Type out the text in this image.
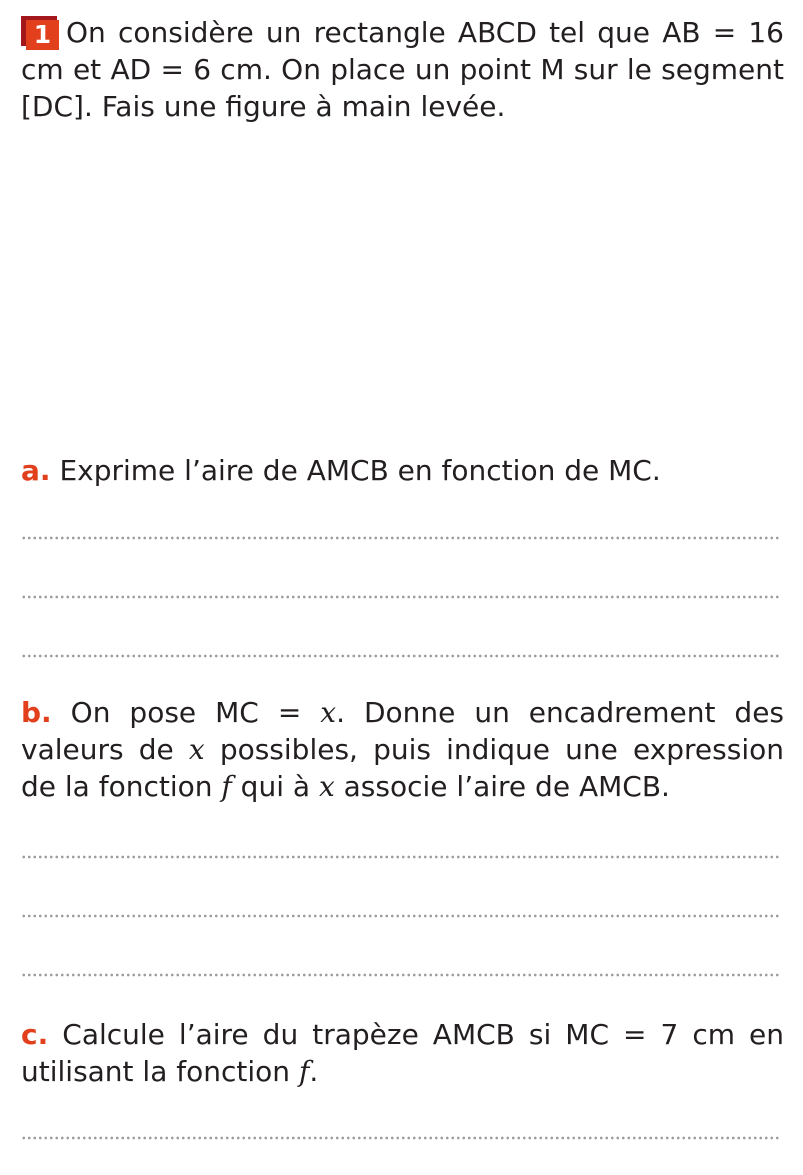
1 On considère un rectangle ABCD tel que AB = 16 cm et AD = 6 cm. On place un point M sur le segment [DC]. Fais une figure à main levée.

a. Exprime l’aire de AMCB en fonction de MC.

b. On pose MC = x. Donne un encadrement des valeurs de x possibles, puis indique une expression de la fonction f qui à x associe l’aire de AMCB.

c. Calcule l’aire du trapèze AMCB si MC = 7 cm en utilisant la fonction f.
